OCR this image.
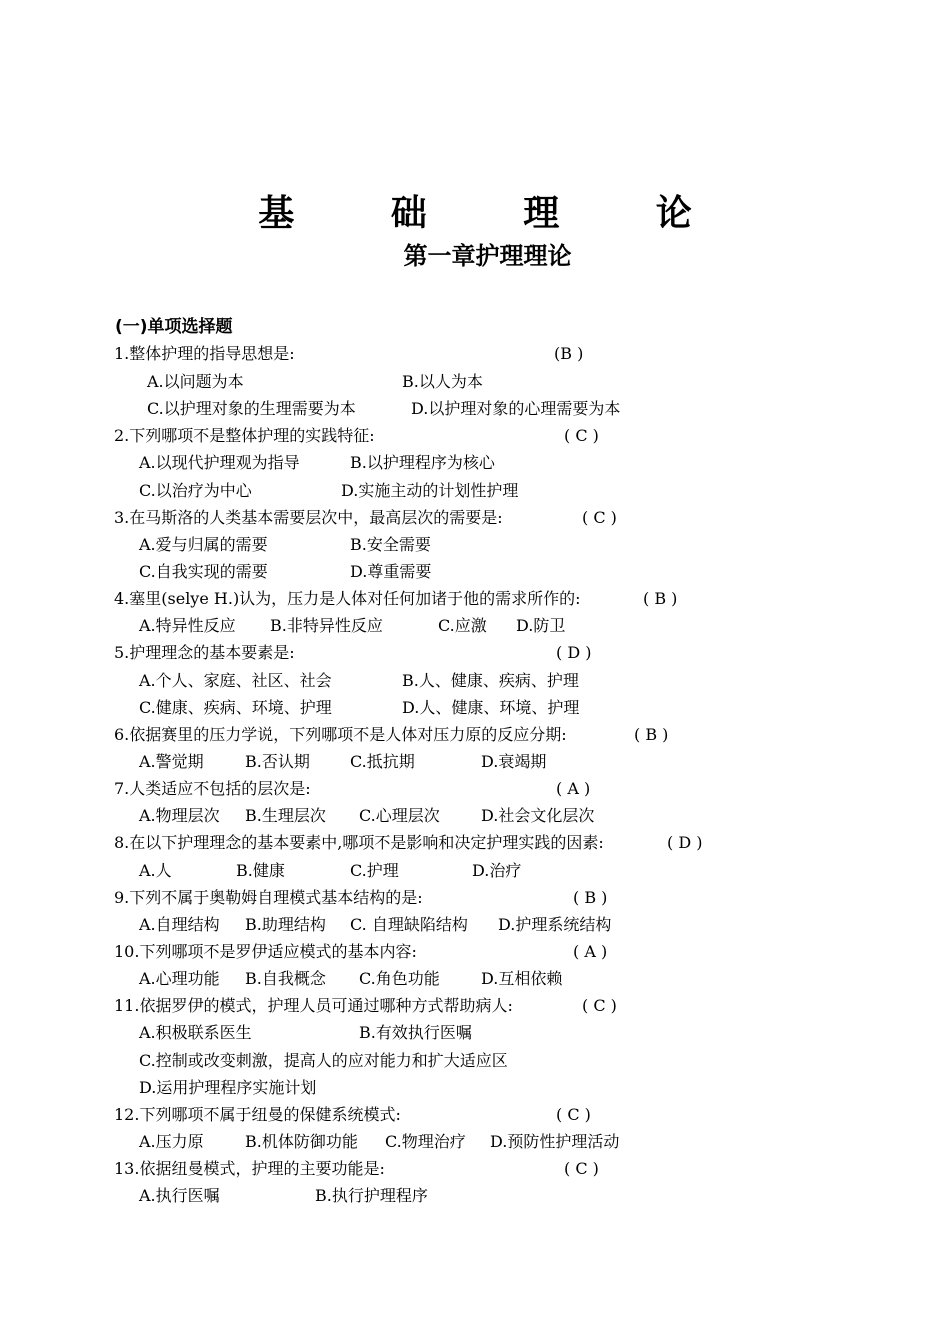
基 础 理 论
第一章护理理论
(一)单项选择题
1.整体护理的指导思想是:	(B )
A.以问题为本	B.以人为本
C.以护理对象的生理需要为本	D.以护理对象的心理需要为本
2.下列哪项不是整体护理的实践特征:	( C )
A.以现代护理观为指导	B.以护理程序为核心
C.以治疗为中心	D.实施主动的计划性护理
3.在马斯洛的人类基本需要层次中，最高层次的需要是:	( C )
A.爱与归属的需要	B.安全需要
C.自我实现的需要	D.尊重需要
4.塞里(selye H.)认为，压力是人体对任何加诸于他的需求所作的:	( B )
A.特异性反应 B.非特异性反应	C.应激 D.防卫
5.护理理念的基本要素是:	( D )
A.个人、家庭、社区、社会	B.人、健康、疾病、护理
C.健康、疾病、环境、护理	D.人、健康、环境、护理
6.依据赛里的压力学说，下列哪项不是人体对压力原的反应分期:	( B )
A.警觉期	B.否认期	C.抵抗期	D.衰竭期
7.人类适应不包括的层次是:	( A )
A.物理层次 B.生理层次 C.心理层次	D.社会文化层次
8.在以下护理理念的基本要素中,哪项不是影响和决定护理实践的因素:	( D )
A.人	B.健康	C.护理	D.治疗
9.下列不属于奥勒姆自理模式基本结构的是:	( B )
A.自理结构 B.助理结构 C. 自理缺陷结构 D.护理系统结构
10.下列哪项不是罗伊适应模式的基本内容:	( A )
A.心理功能 B.自我概念 C.角色功能	D.互相依赖
11.依据罗伊的模式，护理人员可通过哪种方式帮助病人:	( C )
A.积极联系医生	B.有效执行医嘱
C.控制或改变刺激，提高人的应对能力和扩大适应区
D.运用护理程序实施计划
12.下列哪项不属于纽曼的保健系统模式:	( C )
A.压力原	B.机体防御功能 C.物理治疗 D.预防性护理活动
13.依据纽曼模式，护理的主要功能是:	( C )
A.执行医嘱	B.执行护理程序
